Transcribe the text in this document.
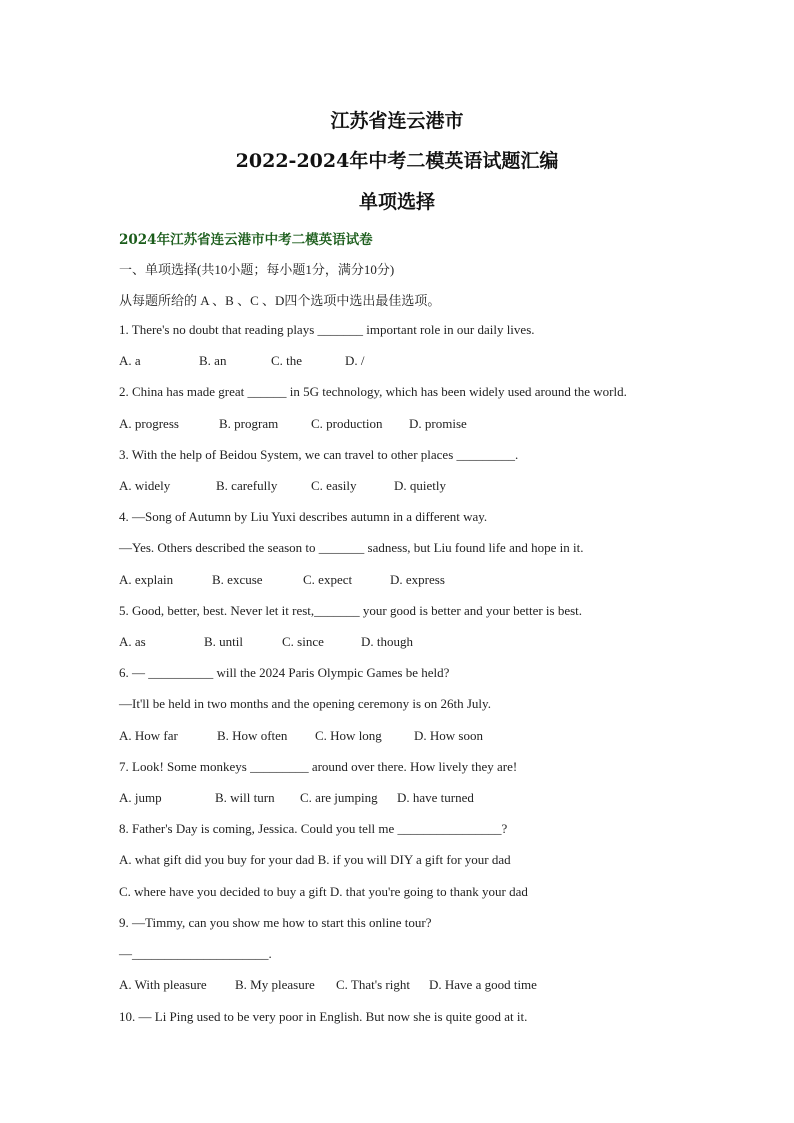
江苏省连云港市
2022-2024年中考二模英语试题汇编
单项选择
2024年江苏省连云港市中考二模英语试卷
一、单项选择(共10小题；每小题1分，满分10分)
从每题所给的 A 、B 、C 、D四个选项中选出最佳选项。
1. There's no doubt that reading plays _______ important role in our daily lives.
A. a	B. an	C. the	D. /
2. China has made great ______ in 5G technology, which has been widely used around the world.
A. progress	B. program	C. production D. promise
3. With the help of Beidou System, we can travel to other places _________.
A. widely	B. carefully	C. easily	D. quietly
4. —Song of Autumn by Liu Yuxi describes autumn in a different way.
—Yes. Others described the season to _______ sadness, but Liu found life and hope in it.
A. explain	B. excuse	C. expect	D. express
5. Good, better, best. Never let it rest,_______ your good is better and your better is best.
A. as	B. until	C. since	D. though
6. — __________ will the 2024 Paris Olympic Games be held?
—It'll be held in two months and the opening ceremony is on 26th July.
A. How far	B. How often C. How long D. How soon
7. Look! Some monkeys _________ around over there. How lively they are!
A. jump	B. will turn C. are jumping D. have turned
8. Father's Day is coming, Jessica. Could you tell me ________________?
A. what gift did you buy for your dad B. if you will DIY a gift for your dad
C. where have you decided to buy a gift D. that you're going to thank your dad
9. —Timmy, can you show me how to start this online tour?
—_____________________.
A. With pleasure B. My pleasure C. That's right D. Have a good time
10. — Li Ping used to be very poor in English. But now she is quite good at it.
